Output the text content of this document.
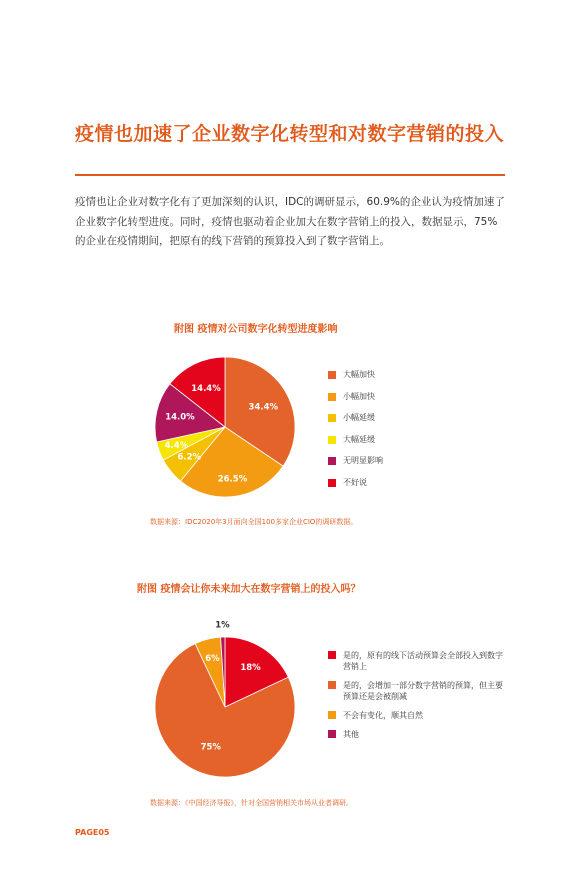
疫情也加速了企业数字化转型和对数字营销的投入

疫情也让企业对数字化有了更加深刻的认识，IDC的调研显示，60.9%的企业认为疫情加速了企业数字化转型进度。同时，疫情也驱动着企业加大在数字营销上的投入，数据显示，75%的企业在疫情期间，把原有的线下营销的预算投入到了数字营销上。

附图 疫情对公司数字化转型进度影响

34.4%
26.5%
6.2%
4.4%
14.0%
14.4%
大幅加快
小幅加快
小幅延缓
大幅延缓
无明显影响
不好说

数据来源：IDC2020年3月面向全国100多家企业CIO的调研数据。

附图 疫情会让你未来加大在数字营销上的投入吗？

18%
75%
6%
1%
是的，原有的线下活动预算会全部投入到数字营销上
是的，会增加一部分数字营销的预算，但主要预算还是会被削减
不会有变化，顺其自然
其他

数据来源：《中国经济导报》，针对全国营销相关市场从业者调研。

PAGE05
